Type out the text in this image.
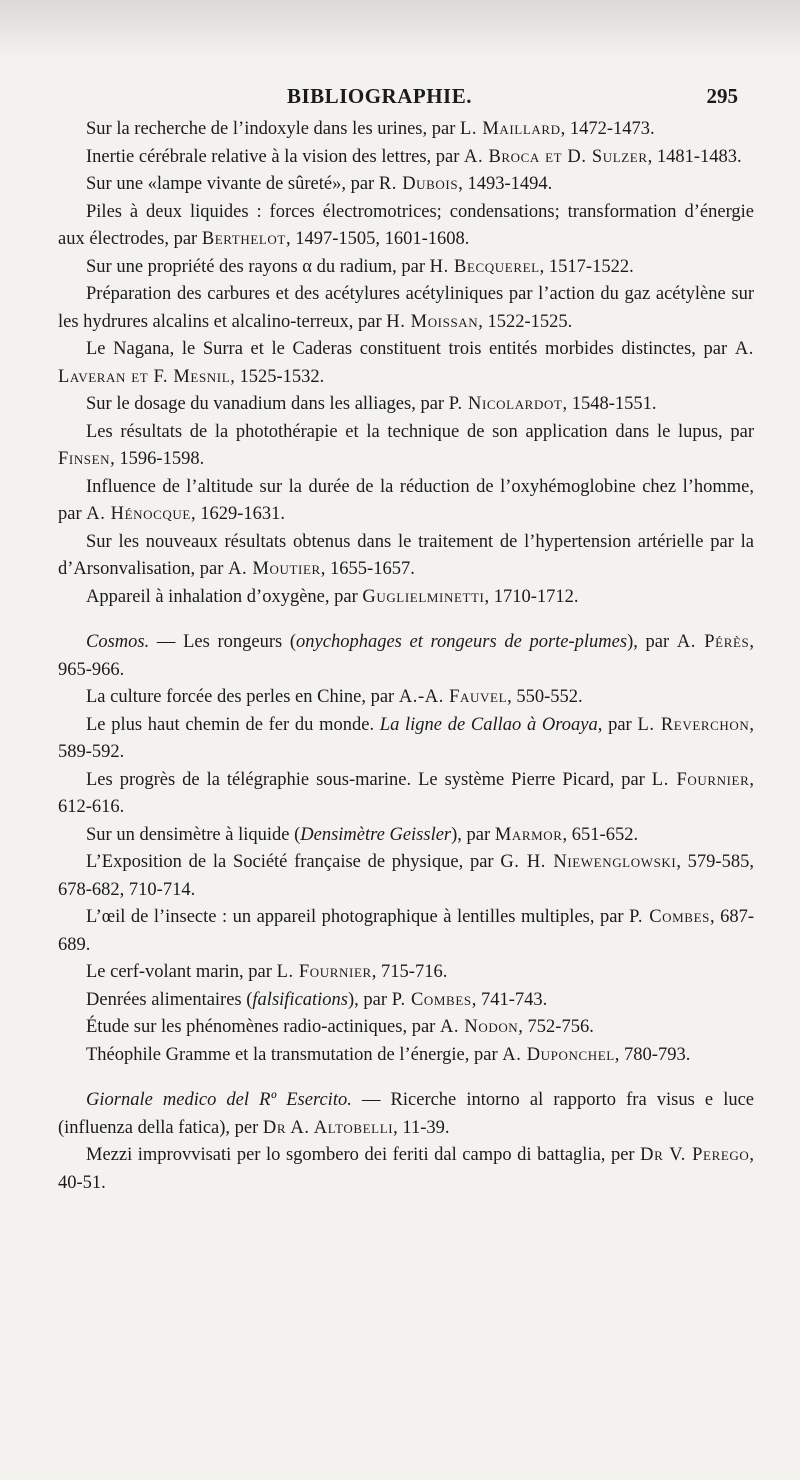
BIBLIOGRAPHIE.	295

Sur la recherche de l’indoxyle dans les urines, par L. Maillard, 1472-1473.

Inertie cérébrale relative à la vision des lettres, par A. Broca et D. Sulzer, 1481-1483.

Sur une «lampe vivante de sûreté», par R. Dubois, 1493-1494.

Piles à deux liquides : forces électromotrices; condensations; transformation d’énergie aux électrodes, par Berthelot, 1497-1505, 1601-1608.

Sur une propriété des rayons α du radium, par H. Becquerel, 1517-1522.

Préparation des carbures et des acétylures acétyliniques par l’action du gaz acétylène sur les hydrures alcalins et alcalino-terreux, par H. Moissan, 1522-1525.

Le Nagana, le Surra et le Caderas constituent trois entités morbides distinctes, par A. Laveran et F. Mesnil, 1525-1532.

Sur le dosage du vanadium dans les alliages, par P. Nicolardot, 1548-1551.

Les résultats de la photothérapie et la technique de son application dans le lupus, par Finsen, 1596-1598.

Influence de l’altitude sur la durée de la réduction de l’oxyhémoglobine chez l’homme, par A. Hénocque, 1629-1631.

Sur les nouveaux résultats obtenus dans le traitement de l’hypertension artérielle par la d’Arsonvalisation, par A. Moutier, 1655-1657.

Appareil à inhalation d’oxygène, par Guglielminetti, 1710-1712.

Cosmos. — Les rongeurs (onychophages et rongeurs de porte-plumes), par A. Pérès, 965-966.

La culture forcée des perles en Chine, par A.-A. Fauvel, 550-552.

Le plus haut chemin de fer du monde. La ligne de Callao à Oroaya, par L. Reverchon, 589-592.

Les progrès de la télégraphie sous-marine. Le système Pierre Picard, par L. Fournier, 612-616.

Sur un densimètre à liquide (Densimètre Geissler), par Marmor, 651-652.

L’Exposition de la Société française de physique, par G. H. Niewenglowski, 579-585, 678-682, 710-714.

L’œil de l’insecte : un appareil photographique à lentilles multiples, par P. Combes, 687-689.

Le cerf-volant marin, par L. Fournier, 715-716.

Denrées alimentaires (falsifications), par P. Combes, 741-743.

Étude sur les phénomènes radio-actiniques, par A. Nodon, 752-756.

Théophile Gramme et la transmutation de l’énergie, par A. Duponchel, 780-793.

Giornale medico del Rº Esercito. — Ricerche intorno al rapporto fra visus e luce (influenza della fatica), per Dr A. Altobelli, 11-39.

Mezzi improvvisati per lo sgombero dei feriti dal campo di battaglia, per Dr V. Perego, 40-51.
